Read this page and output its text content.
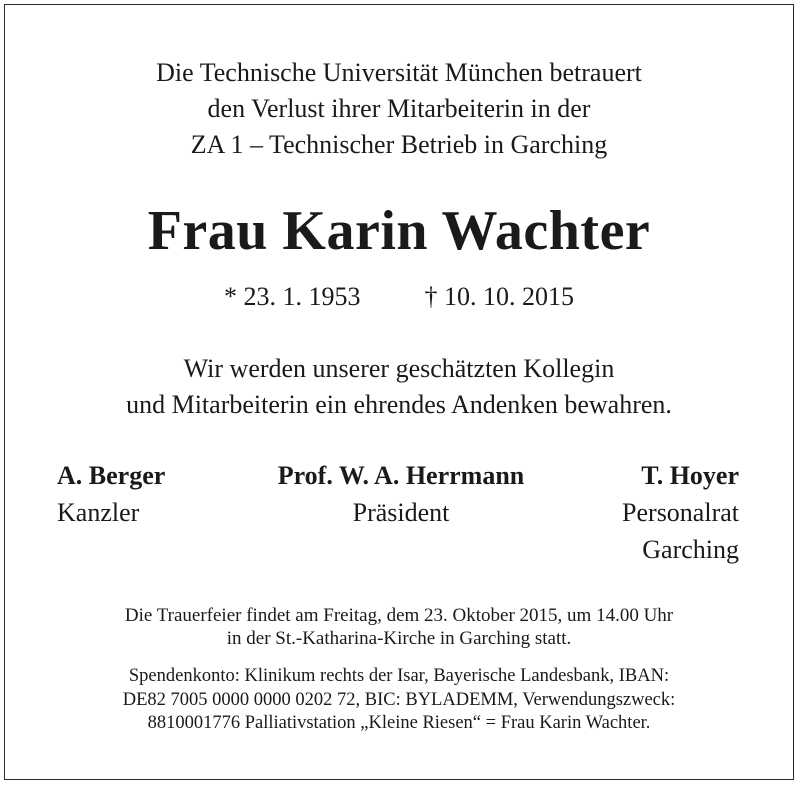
Die Technische Universität München betrauert
den Verlust ihrer Mitarbeiterin in der
ZA 1 – Technischer Betrieb in Garching
Frau Karin Wachter
* 23. 1. 1953 † 10. 10. 2015
Wir werden unserer geschätzten Kollegin
und Mitarbeiterin ein ehrendes Andenken bewahren.
A. Berger
Kanzler
Prof. W. A. Herrmann
Präsident
T. Hoyer
Personalrat
Garching
Die Trauerfeier findet am Freitag, dem 23. Oktober 2015, um 14.00 Uhr
in der St.-Katharina-Kirche in Garching statt.
Spendenkonto: Klinikum rechts der Isar, Bayerische Landesbank, IBAN:
DE82 7005 0000 0000 0202 72, BIC: BYLADEMM, Verwendungszweck:
8810001776 Palliativstation „Kleine Riesen“ = Frau Karin Wachter.
